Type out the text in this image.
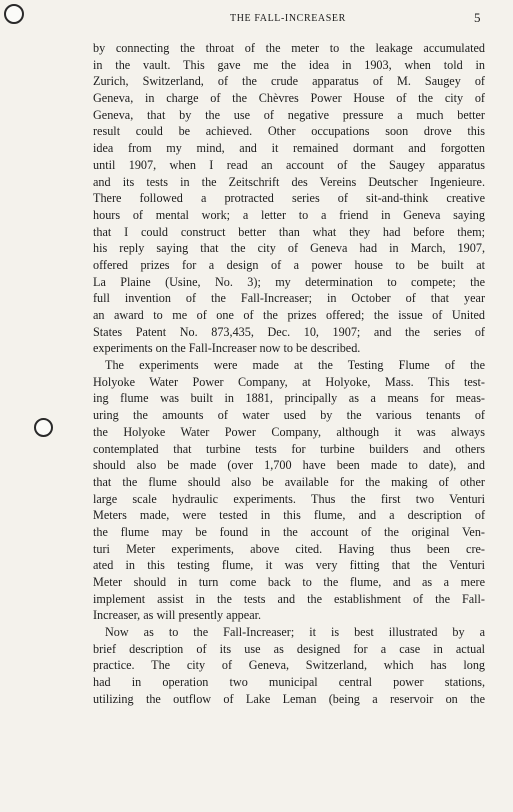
THE FALL-INCREASER	5
by connecting the throat of the meter to the leakage accumulated
in the vault. This gave me the idea in 1903, when told in
Zurich, Switzerland, of the crude apparatus of M. Saugey of
Geneva, in charge of the Chèvres Power House of the city of
Geneva, that by the use of negative pressure a much better
result could be achieved. Other occupations soon drove this
idea from my mind, and it remained dormant and forgotten
until 1907, when I read an account of the Saugey apparatus
and its tests in the Zeitschrift des Vereins Deutscher Ingenieure.
There followed a protracted series of sit-and-think creative
hours of mental work; a letter to a friend in Geneva saying
that I could construct better than what they had before them;
his reply saying that the city of Geneva had in March, 1907,
offered prizes for a design of a power house to be built at
La Plaine (Usine, No. 3); my determination to compete; the
full invention of the Fall-Increaser; in October of that year
an award to me of one of the prizes offered; the issue of United
States Patent No. 873,435, Dec. 10, 1907; and the series of
experiments on the Fall-Increaser now to be described.
The experiments were made at the Testing Flume of the
Holyoke Water Power Company, at Holyoke, Mass. This test-
ing flume was built in 1881, principally as a means for meas-
uring the amounts of water used by the various tenants of
the Holyoke Water Power Company, although it was always
contemplated that turbine tests for turbine builders and others
should also be made (over 1,700 have been made to date), and
that the flume should also be available for the making of other
large scale hydraulic experiments. Thus the first two Venturi
Meters made, were tested in this flume, and a description of
the flume may be found in the account of the original Ven-
turi Meter experiments, above cited. Having thus been cre-
ated in this testing flume, it was very fitting that the Venturi
Meter should in turn come back to the flume, and as a mere
implement assist in the tests and the establishment of the Fall-
Increaser, as will presently appear.
Now as to the Fall-Increaser; it is best illustrated by a
brief description of its use as designed for a case in actual
practice. The city of Geneva, Switzerland, which has long
had in operation two municipal central power stations,
utilizing the outflow of Lake Leman (being a reservoir on the
